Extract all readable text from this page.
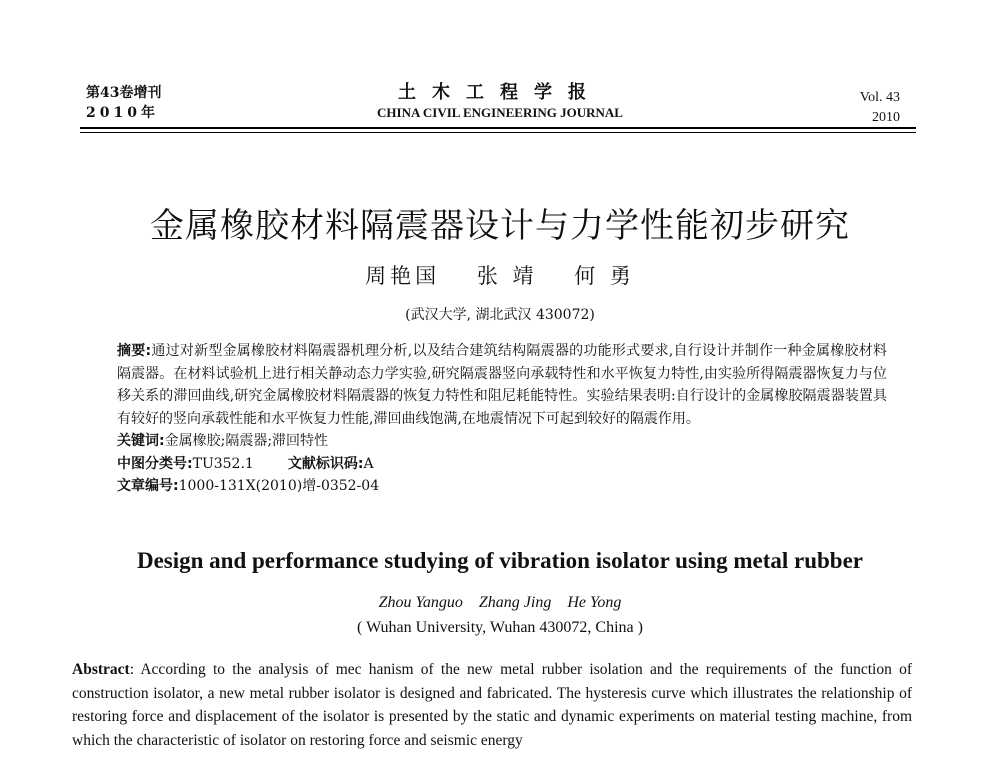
第43卷增刊
2010年
土木工程学报
CHINA CIVIL ENGINEERING JOURNAL
Vol. 43
2010
金属橡胶材料隔震器设计与力学性能初步研究
周艳国 张 靖 何 勇
(武汉大学, 湖北武汉 430072)

摘要:通过对新型金属橡胶材料隔震器机理分析,以及结合建筑结构隔震器的功能形式要求,自行设计并制作一种金属橡胶材料隔震器。在材料试验机上进行相关静动态力学实验,研究隔震器竖向承载特性和水平恢复力特性,由实验所得隔震器恢复力与位移关系的滞回曲线,研究金属橡胶材料隔震器的恢复力特性和阻尼耗能特性。实验结果表明:自行设计的金属橡胶隔震器装置具有较好的竖向承载性能和水平恢复力性能,滞回曲线饱满,在地震情况下可起到较好的隔震作用。

关键词:金属橡胶;隔震器;滞回特性

中图分类号:TU352.1 文献标识码:A

文章编号:1000-131X(2010)增-0352-04

Design and performance studying of vibration isolator using metal rubber
Zhou Yanguo Zhang Jing He Yong
( Wuhan University, Wuhan 430072, China )
Abstract: According to the analysis of mec hanism of the new metal rubber isolation and the requirements of the function of construction isolator, a new metal rubber isolator is designed and fabricated. The hysteresis curve which illustrates the relationship of restoring force and displacement of the isolator is presented by the static and dynamic experiments on material testing machine, from which the characteristic of isolator on restoring force and seismic energy
